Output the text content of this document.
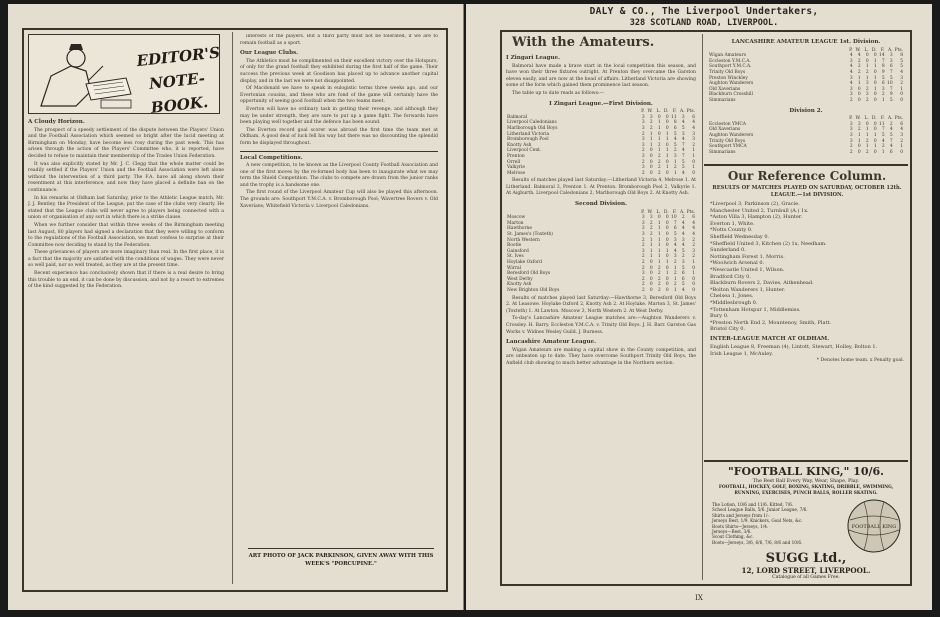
EDITOR'S NOTE-BOOK.
A Cloudy Horizon.

The prospect of a speedy settlement of the dispute between the Players' Union and the Football Association which seemed so bright after the lucid meeting at Birmingham on Monday, have become less rosy during the past week. This has arisen through the action of the Players' Committee who, it is reported, have decided to refuse to maintain their membership of the Trades Union Federation.

It was also explicitly stated by Mr. J. C. Clegg that the whole matter could be readily settled if the Players' Union and the Football Association were left alone without the intervention of a third party. The F.A. have all along shown their resentment at this interference, and now they have placed a definite ban on the continuance.

In his remarks at Oldham last Saturday, prior to the Athletic League match, Mr. J. J. Bentley, the President of the League, put the case of the clubs very clearly. He stated that the League clubs will never agree to players being connected with a union or organisation of any sort in which there is a strike clause.

When we further consider that within three weeks of the Birmingham meeting last August, 80 players had signed a declaration that they were willing to conform to the regulations of the Football Association, we must confess to surprise at their Committee now deciding to stand by the Federation.

These grievances of players are more imaginary than real. In the first place, it is a fact that the majority are satisfied with the conditions of wages. They were never so well paid, nor so well treated, as they are at the present time.

Recent experience has conclusively shown that if there is a real desire to bring this trouble to an end, it can be done by discussion, and not by a resort to extremes of the kind suggested by the Federation.

interests of the players. But a third party must not be tolerated, if we are to remain football as a sport.

Our League Clubs.

The Athletics must be complimented on their excellent victory over the Hotspurs, of only for the grand football they exhibited during the first half of the game. Their success the previous week at Goodison has placed up to advance another capital display, and in the last we were not disappointed.

Of Macdonald we have to speak in eulogistic terms three weeks ago, and our Evertonian cousins, and these who are fond of the game will certainly have the opportunity of seeing good football when the two teams meet.

Everton will have no ordinary task in getting their revenge, and although they may be under strength, they are sure to put up a game fight. The forwards have been playing well together and the defence has been sound.

The Everton record goal scorer was abroad the first time the team met at Oldham. A good deal of luck fell his way but there was no discounting the splendid form he displayed throughout.

Local Competitions.

A new competition, to be known as the Liverpool County Football Association and one of the first moves by the re-formed body has been to inaugurate what we may term the Shield Competition. The clubs to compete are drawn from the junior ranks and the trophy is a handsome one.

The first round of the Liverpool Amateur Cup will also be played this afternoon. The grounds are: Southport Y.M.C.A. v. Bromborough Pool; Wavertree Rovers v. Old Xaverians; Whitefield Victoria v. Liverpool Caledonians.

ART PHOTO OF JACK PARKINSON, GIVEN AWAY WITH THIS WEEK'S "PORCUPINE."
DALY & CO., The Liverpool Undertakers,
328 SCOTLAND ROAD, LIVERPOOL.
With the Amateurs.
I Zingari League.

Balmoral have made a brave start in the local competition this season, and have won their three fixtures outright. At Prenton they overcame the Garston eleven easily, and are now at the head of affairs. Litherland Victoria are showing some of the form which gained them prominence last season.

The table up to date reads as follows:—

I Zingari League.—First Division.
	P.	W.	L.	D.	F.	A.	Pts.
Balmoral	3	3	0	0	11	3	6
Liverpool Caledonians	3	2	1	0	8	4	4
Marlborough Old Boys	3	2	1	0	6	5	4
Litherland Victoria	2	1	0	1	5	3	3
Bromborough Pool	3	1	1	1	4	4	3
Knotty Ash	3	1	2	0	5	7	2
Liverpool Cent.	2	0	1	1	2	4	1
Prenton	3	0	2	1	3	7	1
Orrell	2	0	2	0	1	5	0
Valkyrie	3	0	2	1	2	5	1
Melrose	2	0	2	0	1	4	0

Results of matches played last Saturday:—Litherland Victoria 4, Melrose 1. At Litherland. Balmoral 3, Prenton 1. At Prenton. Bromborough Pool 2, Valkyrie 1. At Aigburth. Liverpool Caledonians 2, Marlborough Old Boys 2. At Knotty Ash.

Second Division.
	P.	W.	L.	D.	F.	A.	Pts.
Moscow	3	3	0	0	10	2	6
Marton	3	2	1	0	7	4	4
Hawthorne	3	2	1	0	6	4	4
St. James's (Toxteth)	3	2	1	0	5	4	4
North Western	2	1	1	0	3	3	2
Bootle	2	1	1	0	4	4	2
Gainsford	3	1	1	1	4	5	3
St. Ives	2	1	1	0	3	2	2
Hoylake Oxford	2	0	1	1	2	3	1
Wirral	2	0	2	0	1	5	0
Beresford Old Boys	3	0	2	1	2	6	1
West Derby	2	0	2	0	1	6	0
Knotty Ash	2	0	2	0	2	5	0
New Brighton Old Boys	2	0	2	0	1	4	0

Results of matches played last Saturday:—Hawthorne 3, Beresford Old Boys 2. At Leasowe. Hoylake Oxford 2, Knotty Ash 2. At Hoylake. Marton 3, St. James' (Toxteth) 1. At Lawton. Moscow 3, North Western 2. At West Derby.

To-day's Lancashire Amateur League matches are:—Aughton Wanderers v. Crossley. H. Barry. Eccleston Y.M.C.A. v. Trinity Old Boys. J. H. Barr. Garston Gas Works v. Widnes Wesley Guild. J. Burness.

Lancashire Amateur League.

Wigan Amateurs are making a capital show in the County competition, and are unbeaten up to date. They have overcome Southport Trinity Old Boys, the Anfield club showing to much better advantage in the Northern section.

LANCASHIRE AMATEUR LEAGUE 1st. Division.
	P.	W.	L.	D.	F.	A.	Pts.
Wigan Amateurs	4	4	0	0	14	3	8
Eccleston Y.M.C.A.	3	2	0	1	7	3	5
Southport Y.M.C.A.	4	2	1	1	8	6	5
Trinity Old Boys	4	2	2	0	9	7	4
Preston Winckley	3	1	1	1	5	5	3
Aughton Wanderers	4	1	3	0	6	10	2
Old Xaverians	3	0	2	1	3	7	1
Blackburn Crosshill	3	0	3	0	2	9	0
Simmarians	2	0	2	0	1	5	0
Division 2.
	P.	W.	L.	D.	F.	A.	Pts.
Eccleston YMCA	3	3	0	0	11	2	6
Old Xaverians	3	2	1	0	7	4	4
Aughton Wanderers	3	1	1	1	5	5	3
Trinity Old Boys	3	1	2	0	4	7	2
Southport YMCA	2	0	1	1	2	4	1
Simmarians	2	0	2	0	1	6	0
Our Reference Column.
RESULTS OF MATCHES PLAYED ON SATURDAY, OCTOBER 12th. LEAGUE.—1st DIVISION.
*Liverpool 3, Parkinson (2), Gracie.
Manchester United 2, Turnbull (A.) 1x.
*Aston Villa 3, Hampton (2), Hunter.
Everton 1, White.
*Notts County 0.
Sheffield Wednesday 0.
*Sheffield United 3, Kitchen (2) 1x, Needham.
Sunderland 0.
Nottingham Forest 1, Morris.
*Woolwich Arsenal 0.
*Newcastle United 1, Wilson.
Bradford City 0.
Blackburn Rovers 2, Davies, Aitkenhead.
*Bolton Wanderers 1, Hunter.
Chelsea 1, Jones.
*Middlesbrough 0.
*Tottenham Hotspur 1, Middlemiss.
Bury 0.
*Preston North End 2, Mountenoy, Smith, Platt.
Bristol City 0.
INTER-LEAGUE MATCH AT OLDHAM.
English League 8, Freeman (4), Lintott, Stewart, Holley, Bolton 1.
Irish League 1, McAuley.
* Denotes home team. x Penalty goal.
"FOOTBALL KING," 10/6.
The Best Ball Every Way, Wear, Shape, Play.
FOOTBALL, HOCKEY, GOLF, BOXING, SKATING, DRIBBLE, SWIMMING, RUNNING, EXERCISES, PUNCH BALLS, ROLLER SKATING.
The Lotion, 10/6 and 11/6. Kitted, 7/6.
School League Balls, 5/6. Junior League, 7/6.
Shirts and Jerseys from 1/-.
Jerseys Best, 1/9. Knickers, Goal Nets, &c.
Boots Shirts—Jerseys, 1/4.
Jerseys—Best, 3/6.
Scout Clothing, &c.
Boots—Jerseys, 3/6, 6/6, 7/6, 8/6 and 10/6.
FOOTBALL KING
SUGG Ltd.,
12, LORD STREET, LIVERPOOL.
Catalogue of all Games Free.
IX
